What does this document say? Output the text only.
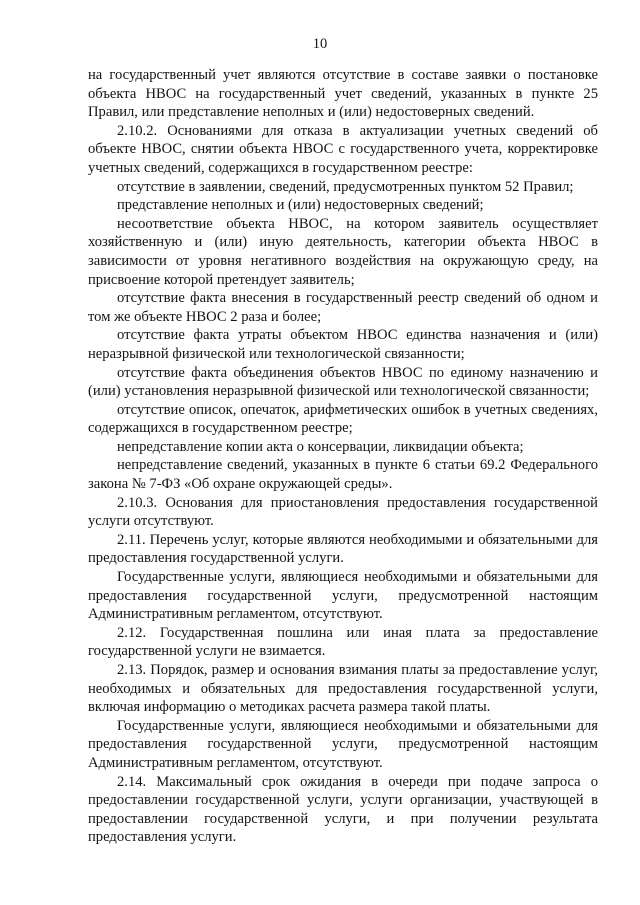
10

на государственный учет являются отсутствие в составе заявки о постановке объекта НВОС на государственный учет сведений, указанных в пункте 25 Правил, или представление неполных и (или) недостоверных сведений.

2.10.2. Основаниями для отказа в актуализации учетных сведений об объекте НВОС, снятии объекта НВОС с государственного учета, корректировке учетных сведений, содержащихся в государственном реестре:

отсутствие в заявлении, сведений, предусмотренных пунктом 52 Правил;

представление неполных и (или) недостоверных сведений;

несоответствие объекта НВОС, на котором заявитель осуществляет хозяйственную и (или) иную деятельность, категории объекта НВОС в зависимости от уровня негативного воздействия на окружающую среду, на присвоение которой претендует заявитель;

отсутствие факта внесения в государственный реестр сведений об одном и том же объекте НВОС 2 раза и более;

отсутствие факта утраты объектом НВОС единства назначения и (или) неразрывной физической или технологической связанности;

отсутствие факта объединения объектов НВОС по единому назначению и (или) установления неразрывной физической или технологической связанности;

отсутствие описок, опечаток, арифметических ошибок в учетных сведениях, содержащихся в государственном реестре;

непредставление копии акта о консервации, ликвидации объекта;

непредставление сведений, указанных в пункте 6 статьи 69.2 Федерального закона № 7-ФЗ «Об охране окружающей среды».

2.10.3. Основания для приостановления предоставления государственной услуги отсутствуют.

2.11. Перечень услуг, которые являются необходимыми и обязательными для предоставления государственной услуги.

Государственные услуги, являющиеся необходимыми и обязательными для предоставления государственной услуги, предусмотренной настоящим Административным регламентом, отсутствуют.

2.12. Государственная пошлина или иная плата за предоставление государственной услуги не взимается.

2.13. Порядок, размер и основания взимания платы за предоставление услуг, необходимых и обязательных для предоставления государственной услуги, включая информацию о методиках расчета размера такой платы.

Государственные услуги, являющиеся необходимыми и обязательными для предоставления государственной услуги, предусмотренной настоящим Административным регламентом, отсутствуют.

2.14. Максимальный срок ожидания в очереди при подаче запроса о предоставлении государственной услуги, услуги организации, участвующей в предоставлении государственной услуги, и при получении результата предоставления услуги.
